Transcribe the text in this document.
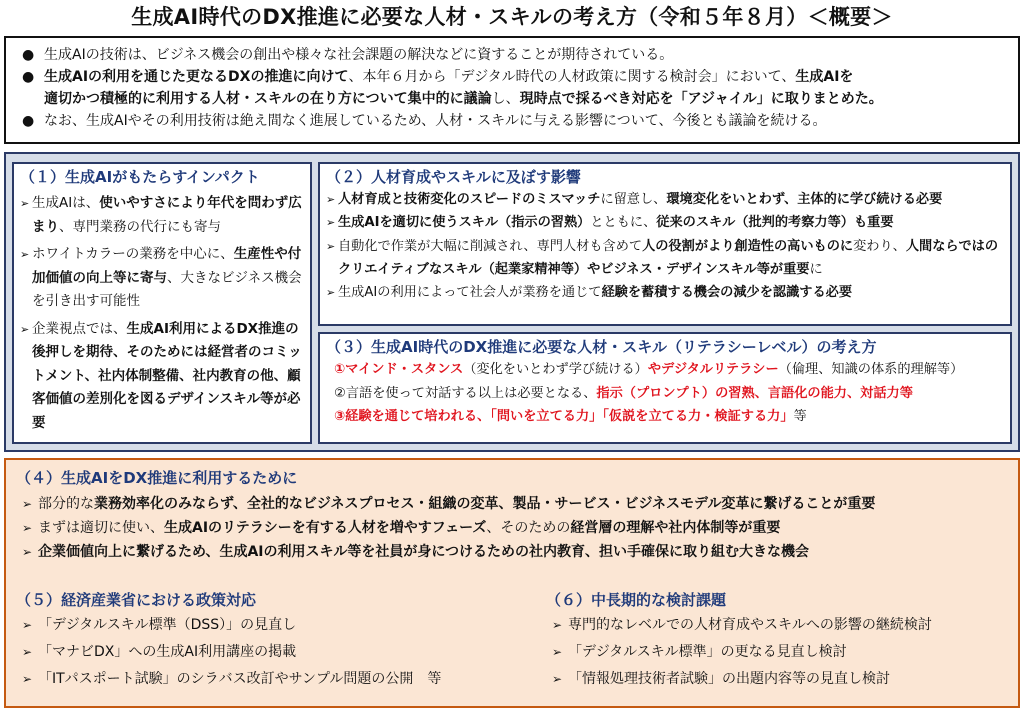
生成AI時代のDX推進に必要な人材・スキルの考え方（令和５年８月）＜概要＞
● 生成AIの技術は、ビジネス機会の創出や様々な社会課題の解決などに資することが期待されている。
● 生成AIの利用を通じた更なるDXの推進に向けて、本年６月から「デジタル時代の人材政策に関する検討会」において、生成AIを
適切かつ積極的に利用する人材・スキルの在り方について集中的に議論し、現時点で採るべき対応を「アジャイル」に取りまとめた。
● なお、生成AIやその利用技術は絶え間なく進展しているため、人材・スキルに与える影響について、今後とも議論を続ける。
（１）生成AIがもたらすインパクト
➢ 生成AIは、使いやすさにより年代を問わず広まり、専門業務の代行にも寄与
➢ ホワイトカラーの業務を中心に、生産性や付加価値の向上等に寄与、大きなビジネス機会を引き出す可能性
➢ 企業視点では、生成AI利用によるDX推進の後押しを期待、そのためには経営者のコミットメント、社内体制整備、社内教育の他、顧客価値の差別化を図るデザインスキル等が必要
（２）人材育成やスキルに及ぼす影響
➢ 人材育成と技術変化のスピードのミスマッチに留意し、環境変化をいとわず、主体的に学び続ける必要
➢ 生成AIを適切に使うスキル（指示の習熟）とともに、従来のスキル（批判的考察力等）も重要
➢ 自動化で作業が大幅に削減され、専門人材も含めて人の役割がより創造性の高いものに変わり、人間ならではのクリエイティブなスキル（起業家精神等）やビジネス・デザインスキル等が重要に
➢ 生成AIの利用によって社会人が業務を通じて経験を蓄積する機会の減少を認識する必要
（３）生成AI時代のDX推進に必要な人材・スキル（リテラシーレベル）の考え方
①マインド・スタンス（変化をいとわず学び続ける）やデジタルリテラシー（倫理、知識の体系的理解等）
②言語を使って対話する以上は必要となる、指示（プロンプト）の習熟、言語化の能力、対話力等
③経験を通じて培われる、「問いを立てる力」「仮説を立てる力・検証する力」等
（４）生成AIをDX推進に利用するために
➢ 部分的な業務効率化のみならず、全社的なビジネスプロセス・組織の変革、製品・サービス・ビジネスモデル変革に繋げることが重要
➢ まずは適切に使い、生成AIのリテラシーを有する人材を増やすフェーズ、そのための経営層の理解や社内体制等が重要
➢ 企業価値向上に繋げるため、生成AIの利用スキル等を社員が身につけるための社内教育、担い手確保に取り組む大きな機会
（５）経済産業省における政策対応
➢ 「デジタルスキル標準（DSS）」の見直し
➢ 「マナビDX」への生成AI利用講座の掲載
➢ 「ITパスポート試験」のシラバス改訂やサンプル問題の公開　等
（６）中長期的な検討課題
➢ 専門的なレベルでの人材育成やスキルへの影響の継続検討
➢ 「デジタルスキル標準」の更なる見直し検討
➢ 「情報処理技術者試験」の出題内容等の見直し検討
